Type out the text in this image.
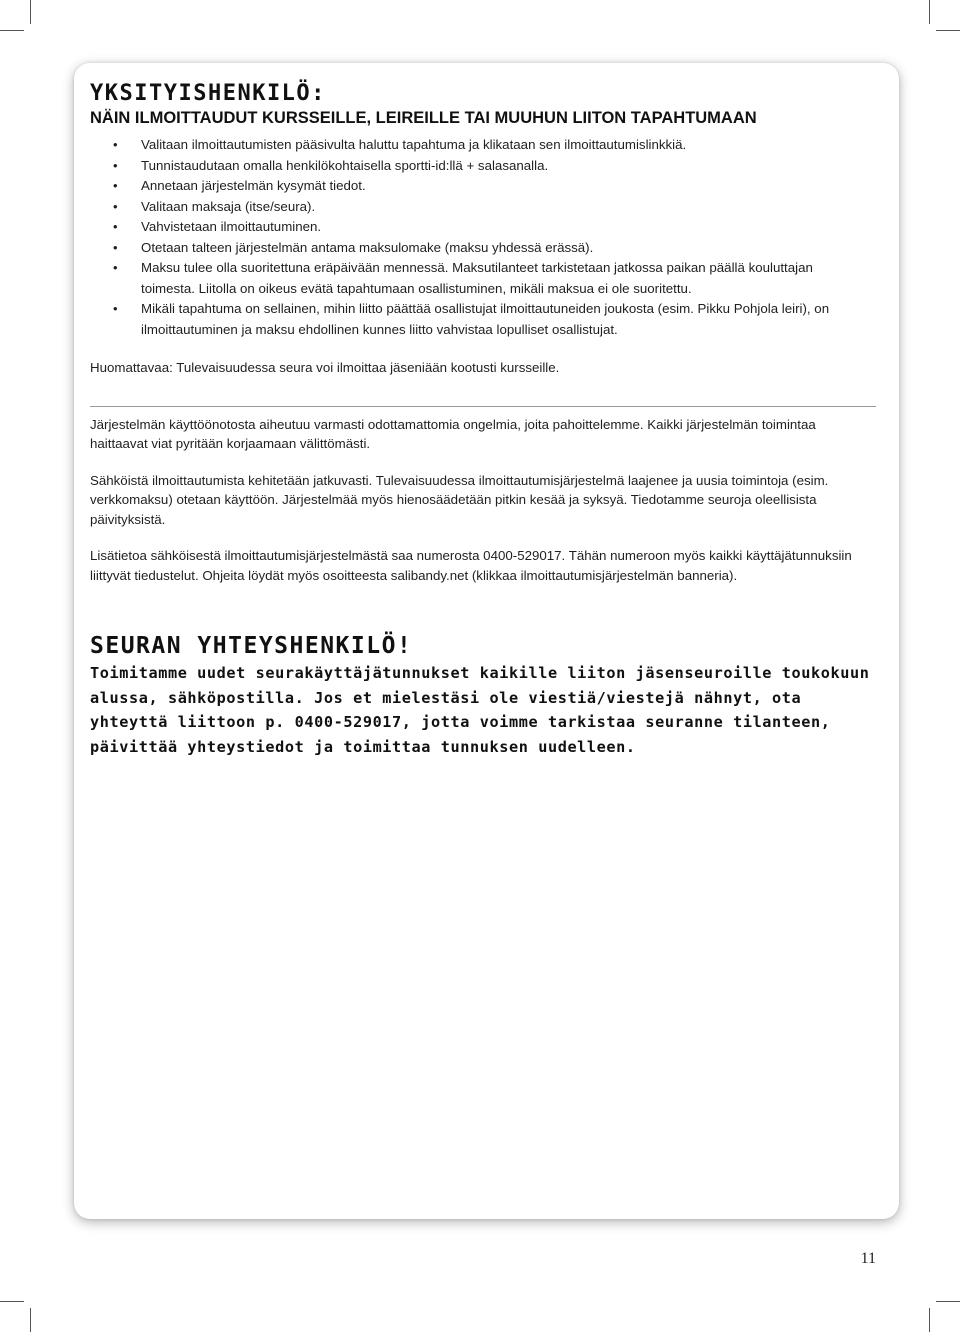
YKSITYISHENKILÖ:
NÄIN ILMOITTAUDUT KURSSEILLE, LEIREILLE TAI MUUHUN LIITON TAPAHTUMAAN
• Valitaan ilmoittautumisten pääsivulta haluttu tapahtuma ja klikataan sen ilmoittautumislinkkiä.
• Tunnistaudutaan omalla henkilökohtaisella sportti-id:llä + salasanalla.
• Annetaan järjestelmän kysymät tiedot.
• Valitaan maksaja (itse/seura).
• Vahvistetaan ilmoittautuminen.
• Otetaan talteen järjestelmän antama maksulomake (maksu yhdessä erässä).
• Maksu tulee olla suoritettuna eräpäivään mennessä. Maksutilanteet tarkistetaan jatkossa paikan päällä kouluttajan toimesta. Liitolla on oikeus evätä tapahtumaan osallistuminen, mikäli maksua ei ole suoritettu.
• Mikäli tapahtuma on sellainen, mihin liitto päättää osallistujat ilmoittautuneiden joukosta (esim. Pikku Pohjola leiri), on ilmoittautuminen ja maksu ehdollinen kunnes liitto vahvistaa lopulliset osallistujat.

Huomattavaa: Tulevaisuudessa seura voi ilmoittaa jäseniään kootusti kursseille.

Järjestelmän käyttöönotosta aiheutuu varmasti odottamattomia ongelmia, joita pahoittelemme. Kaikki järjestelmän toimintaa haittaavat viat pyritään korjaamaan välittömästi.

Sähköistä ilmoittautumista kehitetään jatkuvasti. Tulevaisuudessa ilmoittautumisjärjestelmä laajenee ja uusia toimintoja (esim. verkkomaksu) otetaan käyttöön. Järjestelmää myös hienosäädetään pitkin kesää ja syksyä. Tiedotamme seuroja oleellisista päivityksistä.

Lisätietoa sähköisestä ilmoittautumisjärjestelmästä saa numerosta 0400-529017. Tähän numeroon myös kaikki käyttäjätunnuksiin liittyvät tiedustelut. Ohjeita löydät myös osoitteesta salibandy.net (klikkaa ilmoittautumisjärjestelmän banneria).

SEURAN YHTEYSHENKILÖ!

Toimitamme uudet seurakäyttäjätunnukset kaikille liiton jäsenseuroille toukokuun alussa, sähköpostilla. Jos et mielestäsi ole viestiä/viestejä nähnyt, ota yhteyttä liittoon p. 0400-529017, jotta voimme tarkistaa seuranne tilanteen, päivittää yhteystiedot ja toimittaa tunnuksen uudelleen.

11
